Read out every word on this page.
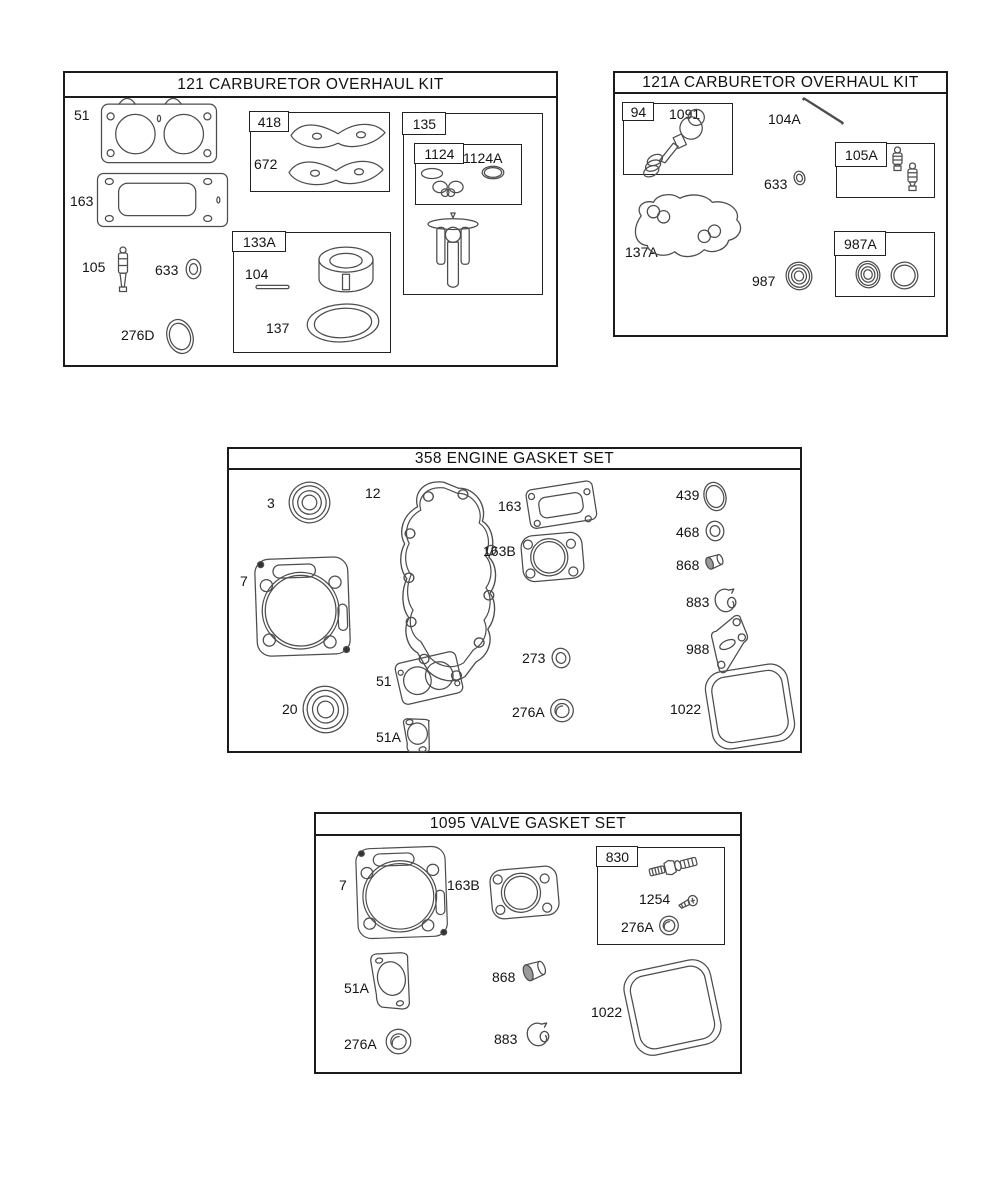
121 CARBURETOR OVERHAUL KIT
418	135
1124
133A
51
163
105	633
276D
672	1124A
104
137
121A CARBURETOR OVERHAUL KIT
94
105A
987A
1091	104A
633
137A
987
358 ENGINE GASKET SET
3
12
163
163B
439
468
868
883
7
988
273
20
51
276A
51A
1022
1095 VALVE GASKET SET
830
7	163B
1254
276A
51A
276A
868
883
1022
